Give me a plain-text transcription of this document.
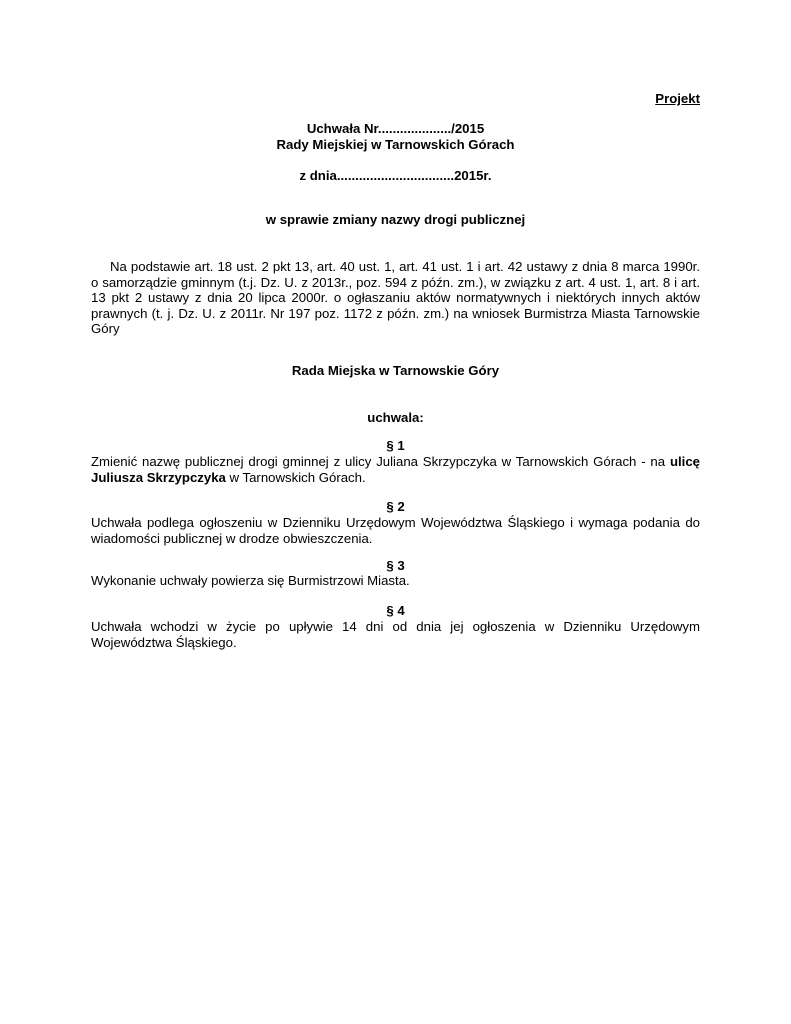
Projekt
Uchwała Nr..................../2015
Rady Miejskiej w Tarnowskich Górach
z dnia................................2015r.
w sprawie zmiany nazwy drogi publicznej
Na podstawie art. 18 ust. 2 pkt 13, art. 40 ust. 1, art. 41 ust. 1 i art. 42 ustawy z dnia 8 marca 1990r. o samorządzie gminnym (t.j. Dz. U. z 2013r., poz. 594 z późn. zm.), w związku z art. 4 ust. 1, art. 8 i art. 13 pkt 2 ustawy z dnia 20 lipca 2000r. o ogłaszaniu aktów normatywnych i niektórych innych aktów prawnych (t. j. Dz. U. z 2011r. Nr 197 poz. 1172 z późn. zm.) na wniosek Burmistrza Miasta Tarnowskie Góry
Rada Miejska w Tarnowskie Góry
uchwala:
§ 1
Zmienić nazwę publicznej drogi gminnej z ulicy Juliana Skrzypczyka w Tarnowskich Górach - na ulicę Juliusza Skrzypczyka w Tarnowskich Górach.
§ 2
Uchwała podlega ogłoszeniu w Dzienniku Urzędowym Województwa Śląskiego i wymaga podania do wiadomości publicznej w drodze obwieszczenia.
§ 3
Wykonanie uchwały powierza się Burmistrzowi Miasta.
§ 4
Uchwała wchodzi w życie po upływie 14 dni od dnia jej ogłoszenia w Dzienniku Urzędowym Województwa Śląskiego.
